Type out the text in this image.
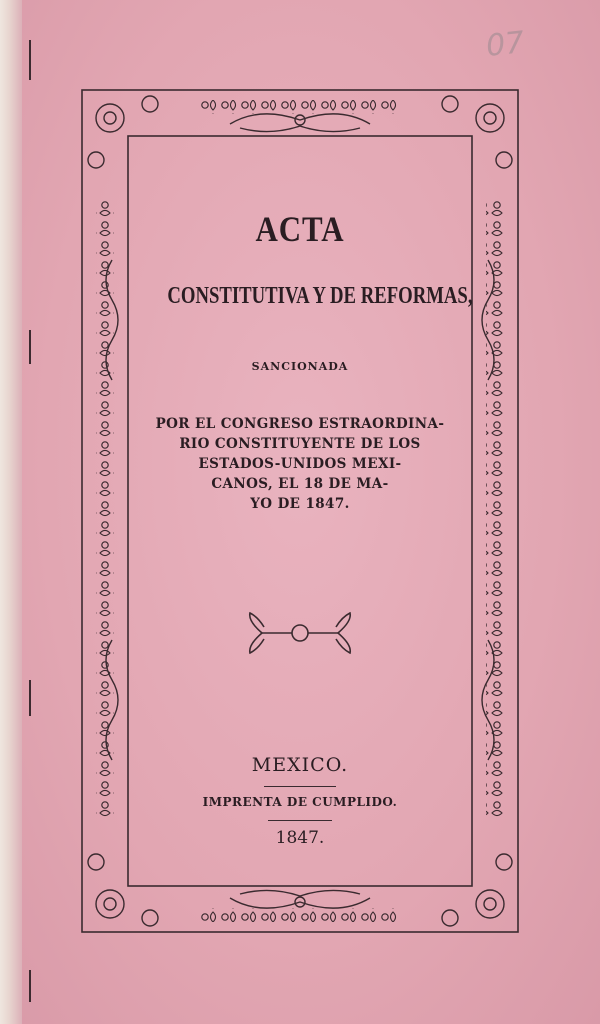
07
ACTA
CONSTITUTIVA Y DE REFORMAS,
SANCIONADA
POR EL CONGRESO ESTRAORDINA-
RIO CONSTITUYENTE DE LOS
ESTADOS-UNIDOS MEXI-
CANOS, EL 18 DE MA-
YO DE 1847.
MEXICO.
IMPRENTA DE CUMPLIDO.
1847.
